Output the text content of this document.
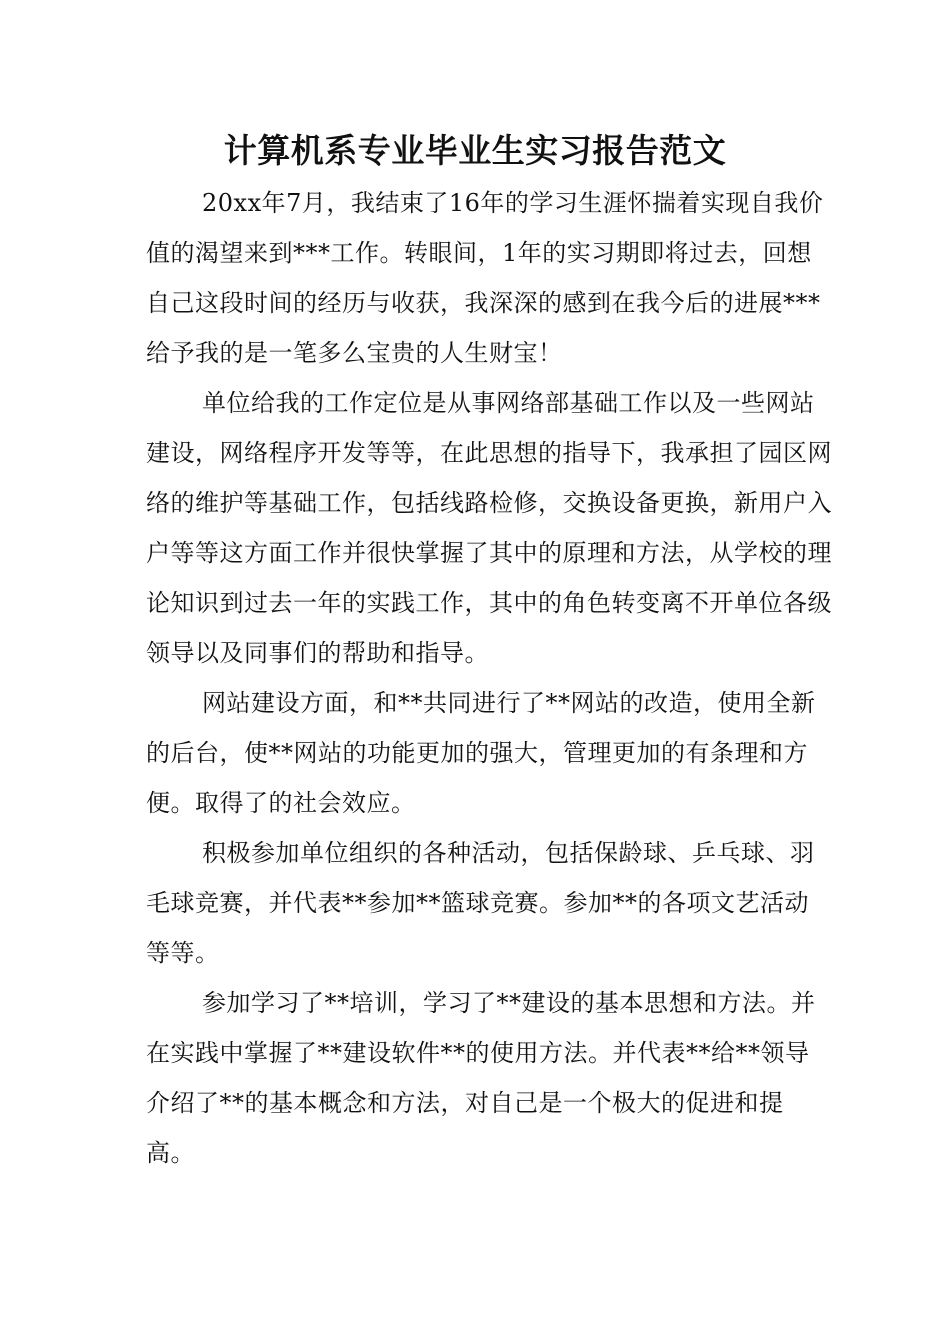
计算机系专业毕业生实习报告范文

20xx年7月，我结束了16年的学习生涯怀揣着实现自我价值的渴望来到***工作。转眼间，1年的实习期即将过去，回想自己这段时间的经历与收获，我深深的感到在我今后的进展***给予我的是一笔多么宝贵的人生财宝！

单位给我的工作定位是从事网络部基础工作以及一些网站建设，网络程序开发等等，在此思想的指导下，我承担了园区网络的维护等基础工作，包括线路检修，交换设备更换，新用户入户等等这方面工作并很快掌握了其中的原理和方法，从学校的理论知识到过去一年的实践工作，其中的角色转变离不开单位各级领导以及同事们的帮助和指导。

网站建设方面，和**共同进行了**网站的改造，使用全新的后台，使**网站的功能更加的强大，管理更加的有条理和方便。取得了的社会效应。

积极参加单位组织的各种活动，包括保龄球、乒乓球、羽毛球竞赛，并代表**参加**篮球竞赛。参加**的各项文艺活动等等。

参加学习了**培训，学习了**建设的基本思想和方法。并在实践中掌握了**建设软件**的使用方法。并代表**给**领导介绍了**的基本概念和方法，对自己是一个极大的促进和提高。
